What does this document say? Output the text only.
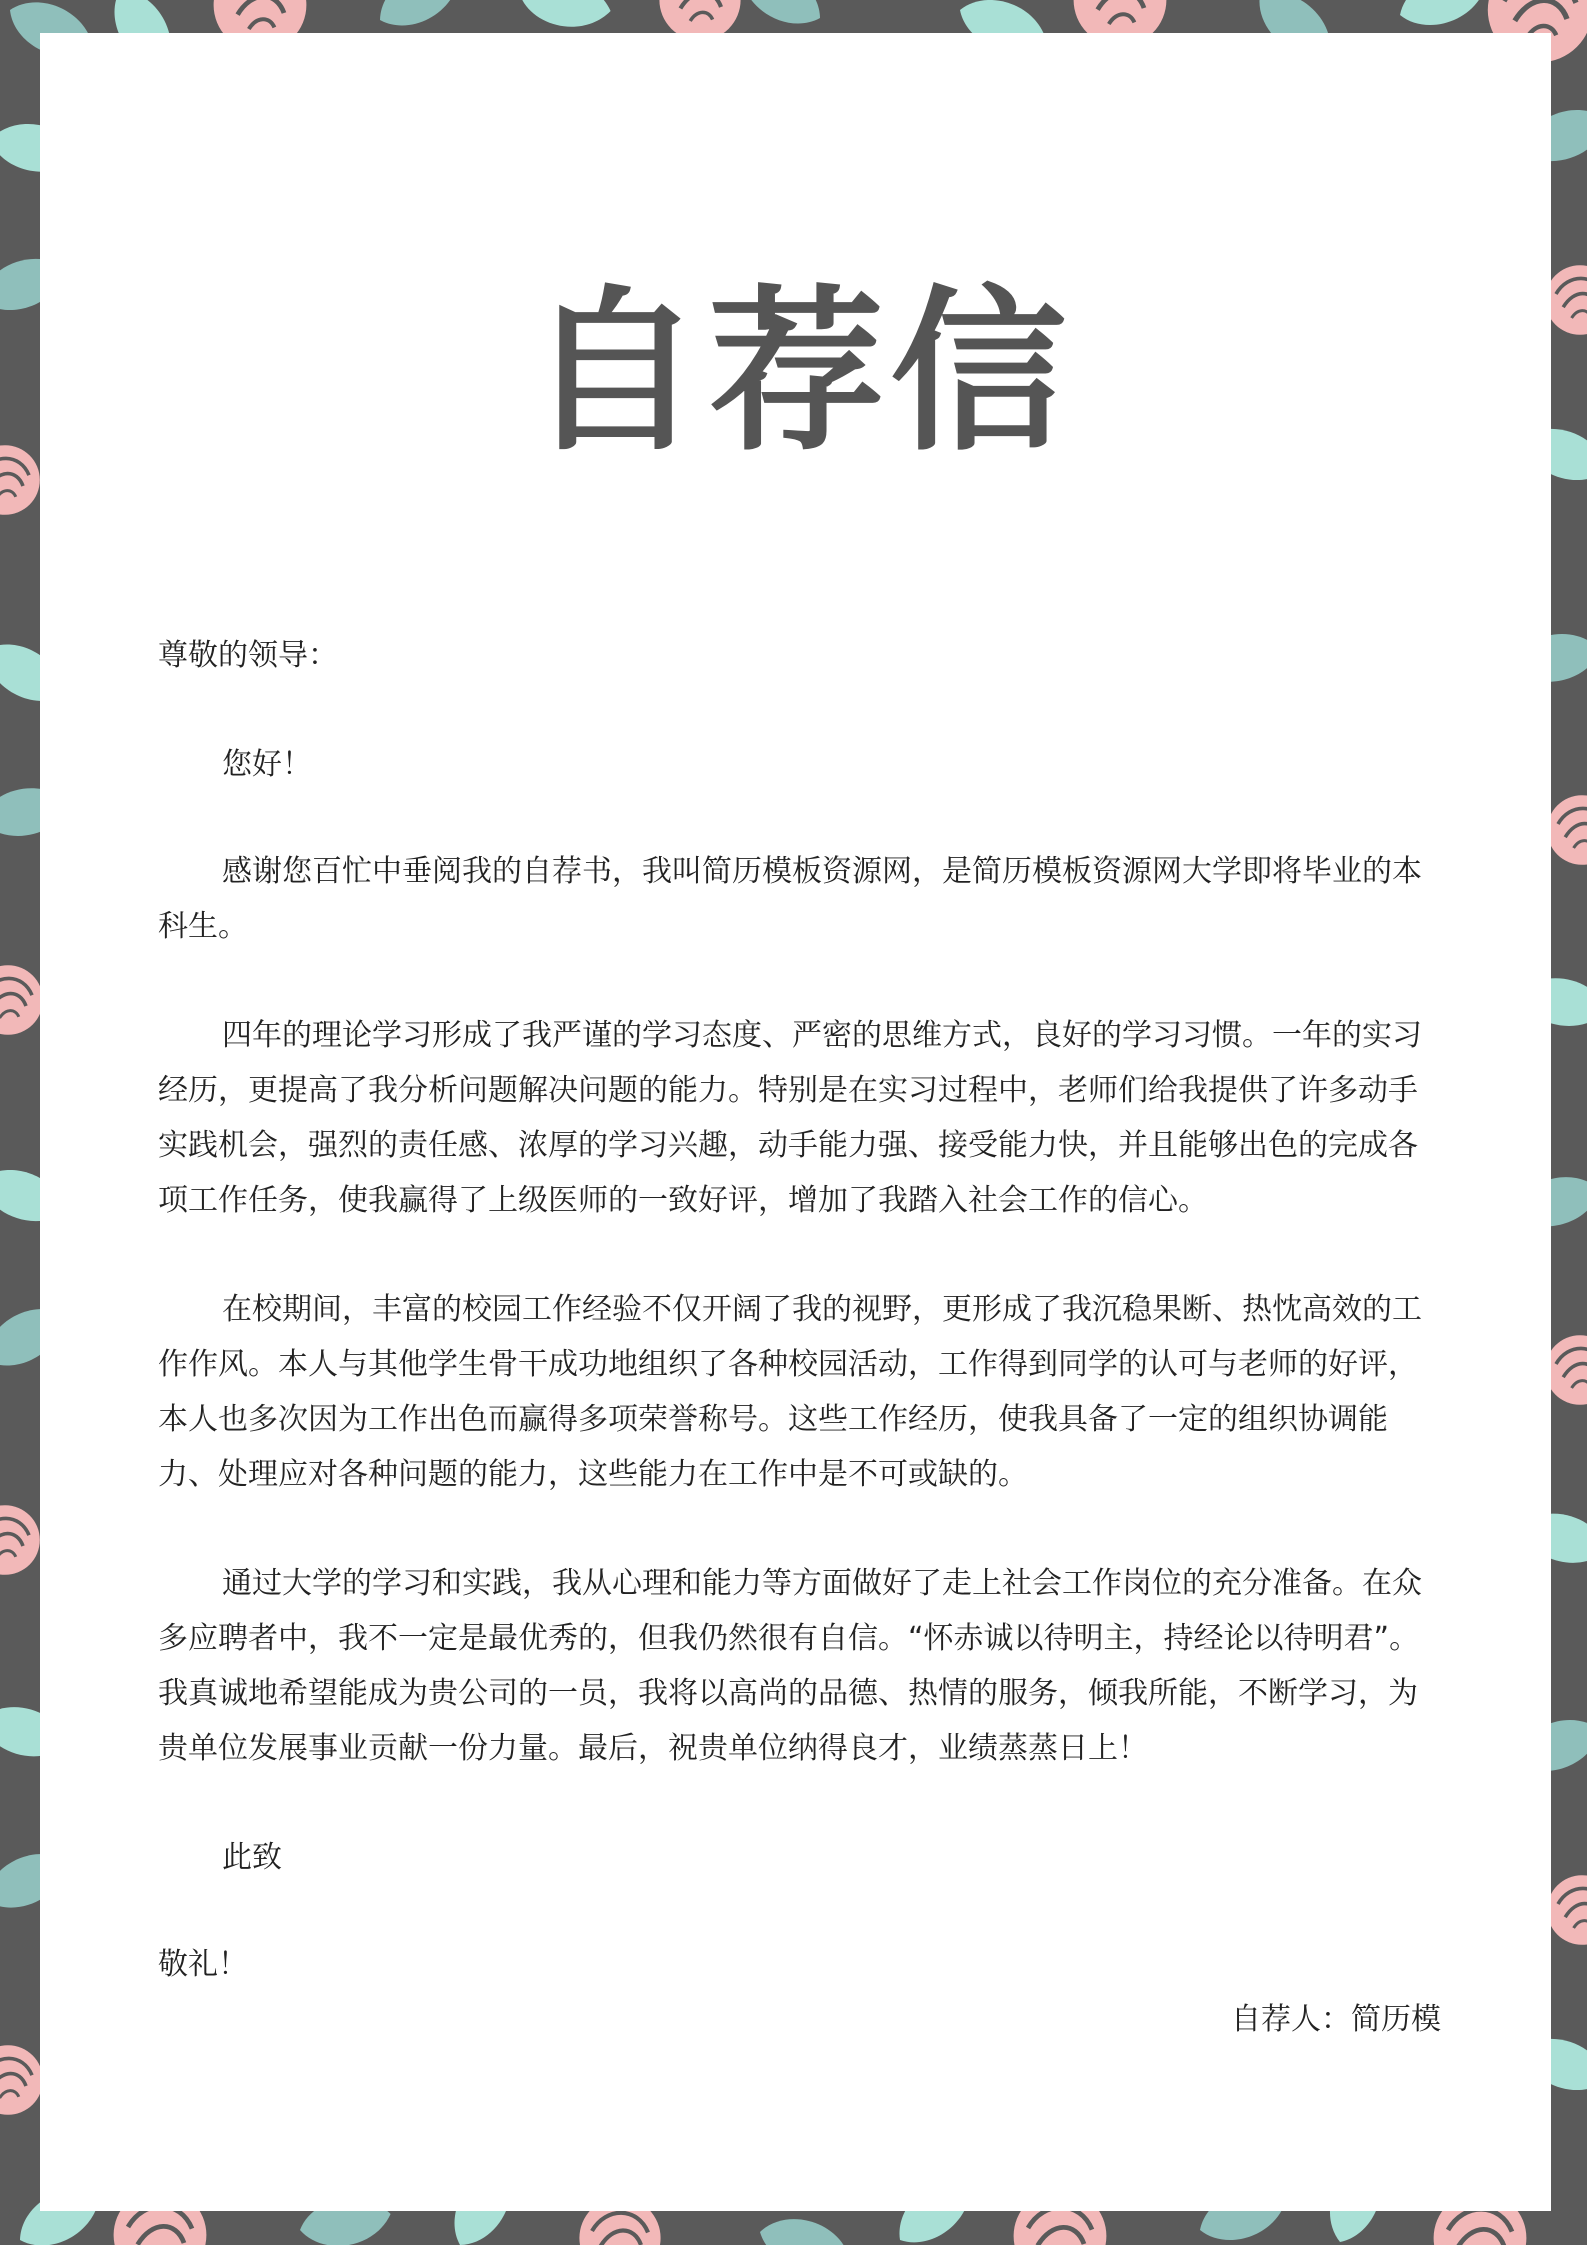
自荐信

尊敬的领导：

您好！

感谢您百忙中垂阅我的自荐书，我叫简历模板资源网，是简历模板资源网大学即将毕业的本科生。

四年的理论学习形成了我严谨的学习态度、严密的思维方式，良好的学习习惯。一年的实习经历，更提高了我分析问题解决问题的能力。特别是在实习过程中，老师们给我提供了许多动手实践机会，强烈的责任感、浓厚的学习兴趣，动手能力强、接受能力快，并且能够出色的完成各项工作任务，使我赢得了上级医师的一致好评，增加了我踏入社会工作的信心。

在校期间，丰富的校园工作经验不仅开阔了我的视野，更形成了我沉稳果断、热忱高效的工作作风。本人与其他学生骨干成功地组织了各种校园活动，工作得到同学的认可与老师的好评，本人也多次因为工作出色而赢得多项荣誉称号。这些工作经历，使我具备了一定的组织协调能力、处理应对各种问题的能力，这些能力在工作中是不可或缺的。

通过大学的学习和实践，我从心理和能力等方面做好了走上社会工作岗位的充分准备。在众多应聘者中，我不一定是最优秀的，但我仍然很有自信。“怀赤诚以待明主，持经论以待明君”。我真诚地希望能成为贵公司的一员，我将以高尚的品德、热情的服务，倾我所能，不断学习，为贵单位发展事业贡献一份力量。最后，祝贵单位纳得良才，业绩蒸蒸日上！

此致

敬礼！

自荐人：简历模
